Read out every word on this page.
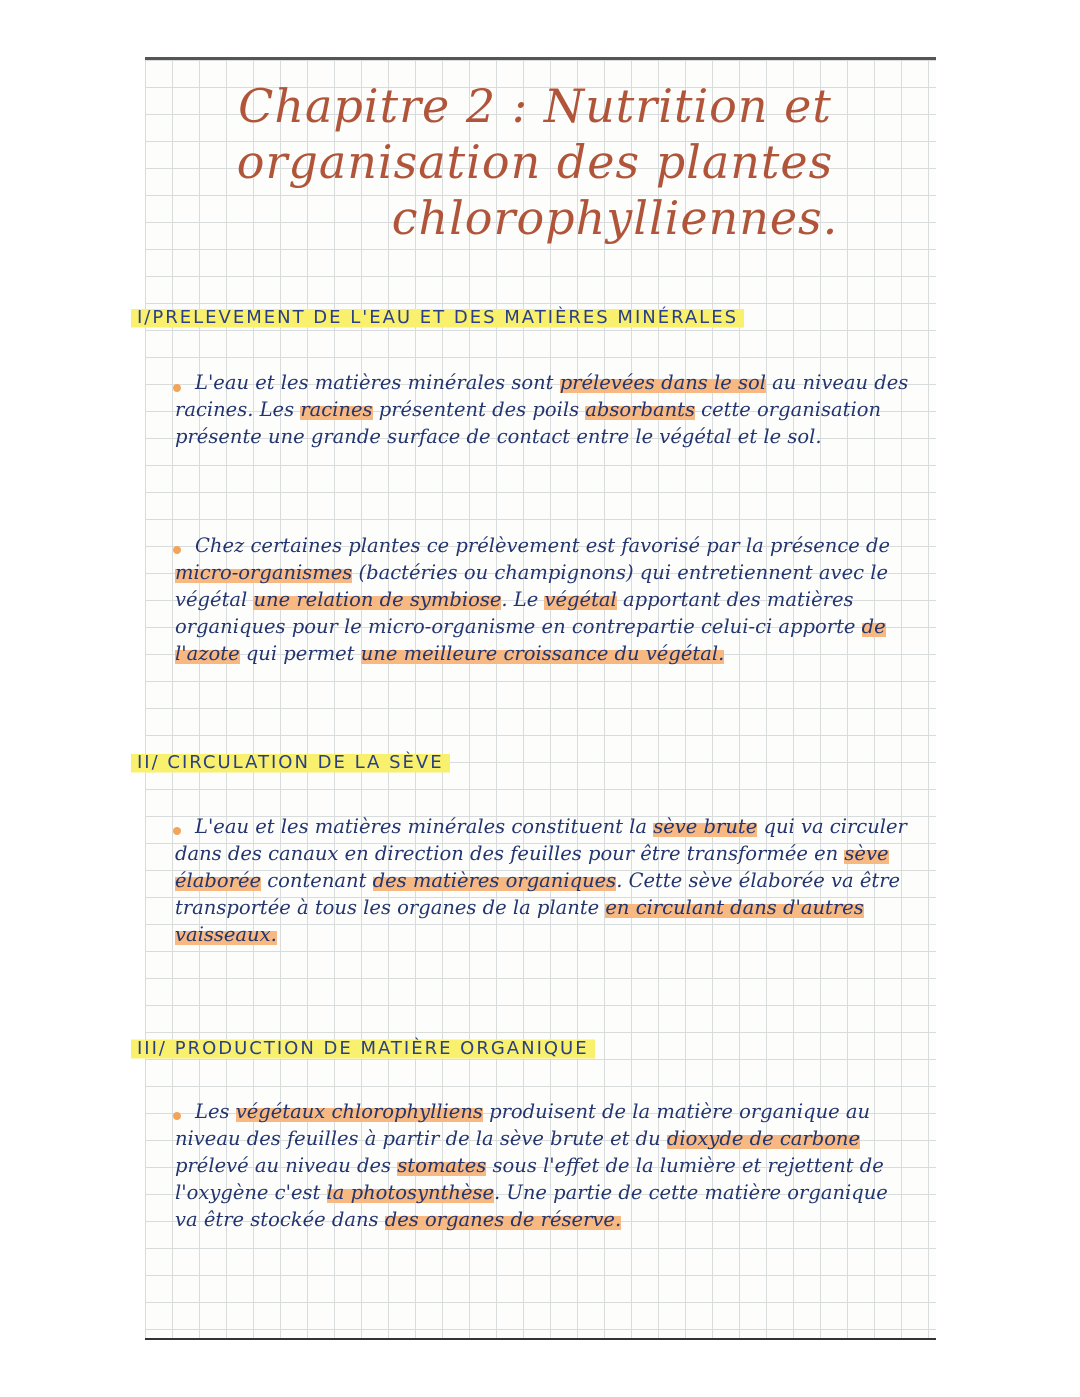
Chapitre 2 : Nutrition et
organisation des plantes
chlorophylliennes.
I/PRELEVEMENT DE L'EAU ET DES MATIÈRES MINÉRALES
L'eau et les matières minérales sont prélevées dans le sol au niveau des racines. Les racines présentent des poils absorbants cette organisation présente une grande surface de contact entre le végétal et le sol.
Chez certaines plantes ce prélèvement est favorisé par la présence de micro-organismes (bactéries ou champignons) qui entretiennent avec le végétal une relation de symbiose. Le végétal apportant des matières organiques pour le micro-organisme en contrepartie celui-ci apporte de l'azote qui permet une meilleure croissance du végétal.
II/ CIRCULATION DE LA SÈVE
L'eau et les matières minérales constituent la sève brute qui va circuler dans des canaux en direction des feuilles pour être transformée en sève élaborée contenant des matières organiques. Cette sève élaborée va être transportée à tous les organes de la plante en circulant dans d'autres vaisseaux.
III/ PRODUCTION DE MATIÈRE ORGANIQUE
Les végétaux chlorophylliens produisent de la matière organique au niveau des feuilles à partir de la sève brute et du dioxyde de carbone prélevé au niveau des stomates sous l'effet de la lumière et rejettent de l'oxygène c'est la photosynthèse. Une partie de cette matière organique va être stockée dans des organes de réserve.
